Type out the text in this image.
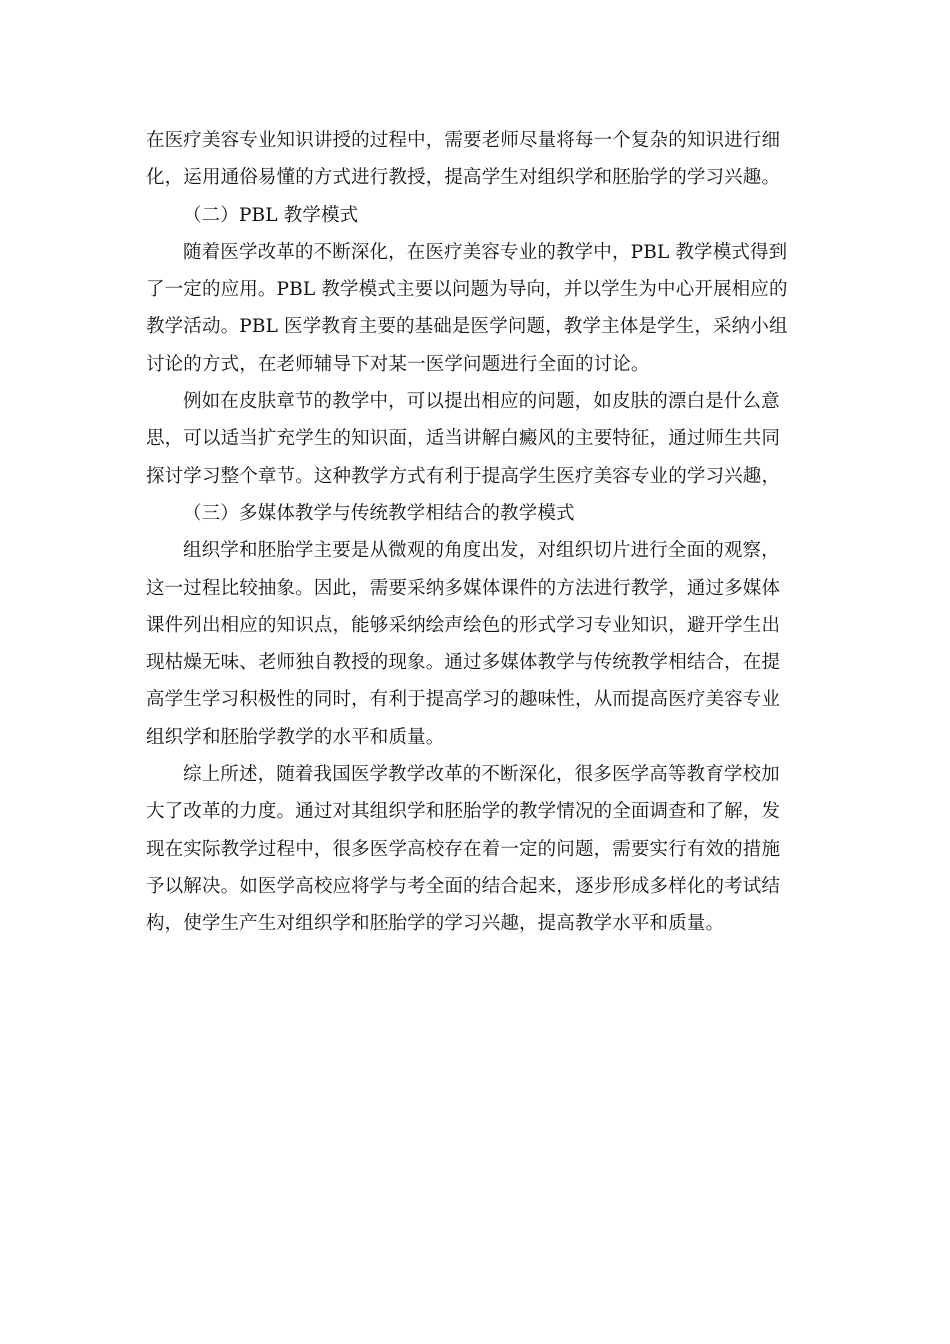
在医疗美容专业知识讲授的过程中，需要老师尽量将每一个复杂的知识进行细
化，运用通俗易懂的方式进行教授，提高学生对组织学和胚胎学的学习兴趣。
（二）PBL 教学模式
随着医学改革的不断深化，在医疗美容专业的教学中，PBL 教学模式得到
了一定的应用。PBL 教学模式主要以问题为导向，并以学生为中心开展相应的
教学活动。PBL 医学教育主要的基础是医学问题，教学主体是学生，采纳小组
讨论的方式，在老师辅导下对某一医学问题进行全面的讨论。
例如在皮肤章节的教学中，可以提出相应的问题，如皮肤的漂白是什么意
思，可以适当扩充学生的知识面，适当讲解白癜风的主要特征，通过师生共同
探讨学习整个章节。这种教学方式有利于提高学生医疗美容专业的学习兴趣，
（三）多媒体教学与传统教学相结合的教学模式
组织学和胚胎学主要是从微观的角度出发，对组织切片进行全面的观察，
这一过程比较抽象。因此，需要采纳多媒体课件的方法进行教学，通过多媒体
课件列出相应的知识点，能够采纳绘声绘色的形式学习专业知识，避开学生出
现枯燥无味、老师独自教授的现象。通过多媒体教学与传统教学相结合，在提
高学生学习积极性的同时，有利于提高学习的趣味性，从而提高医疗美容专业
组织学和胚胎学教学的水平和质量。
综上所述，随着我国医学教学改革的不断深化，很多医学高等教育学校加
大了改革的力度。通过对其组织学和胚胎学的教学情况的全面调查和了解，发
现在实际教学过程中，很多医学高校存在着一定的问题，需要实行有效的措施
予以解决。如医学高校应将学与考全面的结合起来，逐步形成多样化的考试结
构，使学生产生对组织学和胚胎学的学习兴趣，提高教学水平和质量。
